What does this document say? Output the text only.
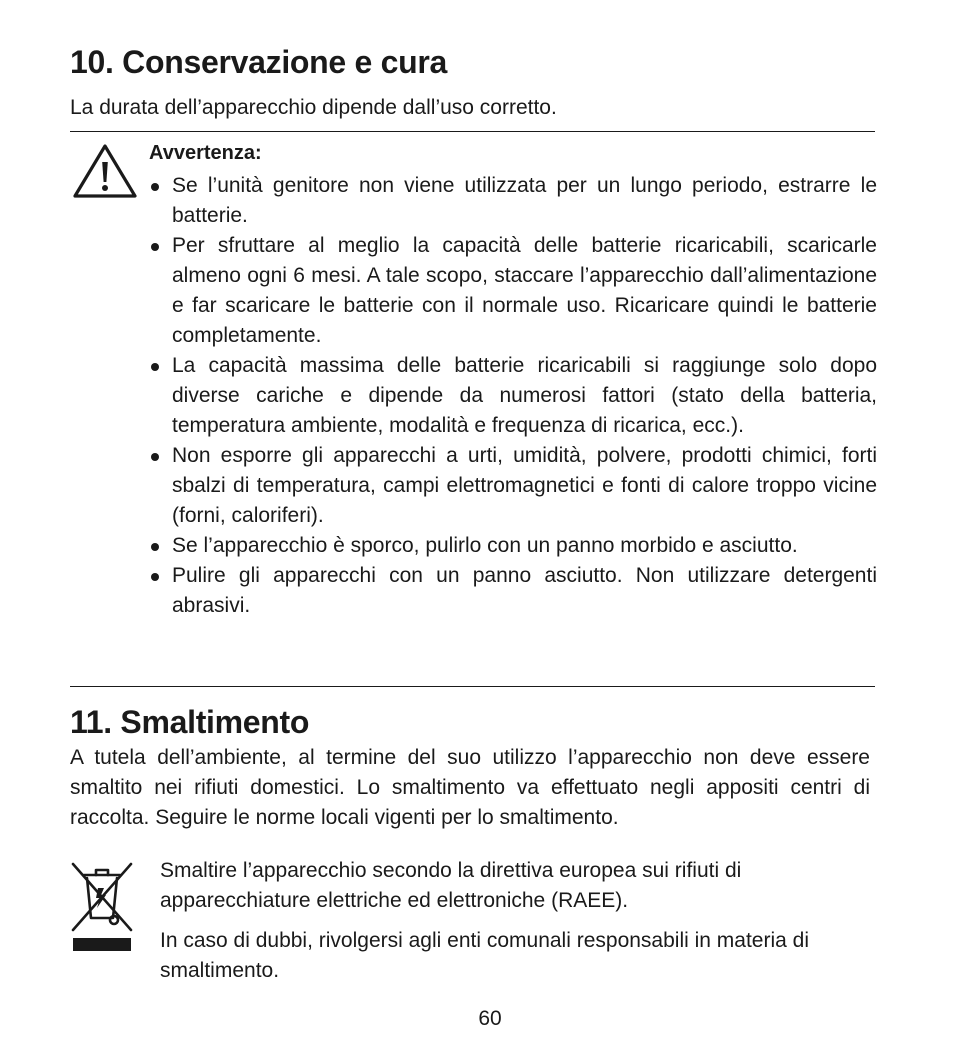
10. Conservazione e cura

La durata dell’apparecchio dipende dall’uso corretto.

Avvertenza:

Se l’unità genitore non viene utilizzata per un lungo periodo, estrarre le batterie.
Per sfruttare al meglio la capacità delle batterie ricaricabili, scaricarle almeno ogni 6 mesi. A tale scopo, staccare l’apparecchio dall’alimentazione e far scaricare le batterie con il normale uso. Ricaricare quindi le batterie completamente.
La capacità massima delle batterie ricaricabili si raggiunge solo dopo diverse cariche e dipende da numerosi fattori (stato della batteria, temperatura ambiente, modalità e frequenza di ricarica, ecc.).
Non esporre gli apparecchi a urti, umidità, polvere, prodotti chimici, forti sbalzi di temperatura, campi elettromagnetici e fonti di calore troppo vicine (forni, caloriferi).
Se l’apparecchio è sporco, pulirlo con un panno morbido e asciutto.
Pulire gli apparecchi con un panno asciutto. Non utilizzare detergenti abrasivi.
11. Smaltimento

A tutela dell’ambiente, al termine del suo utilizzo l’apparecchio non deve essere smaltito nei rifiuti domestici. Lo smaltimento va effettuato negli appositi centri di raccolta. Seguire le norme locali vigenti per lo smaltimento.

Smaltire l’apparecchio secondo la direttiva europea sui rifiuti di apparecchiature elettriche ed elettroniche (RAEE).

In caso di dubbi, rivolgersi agli enti comunali responsabili in materia di smaltimento.

60
